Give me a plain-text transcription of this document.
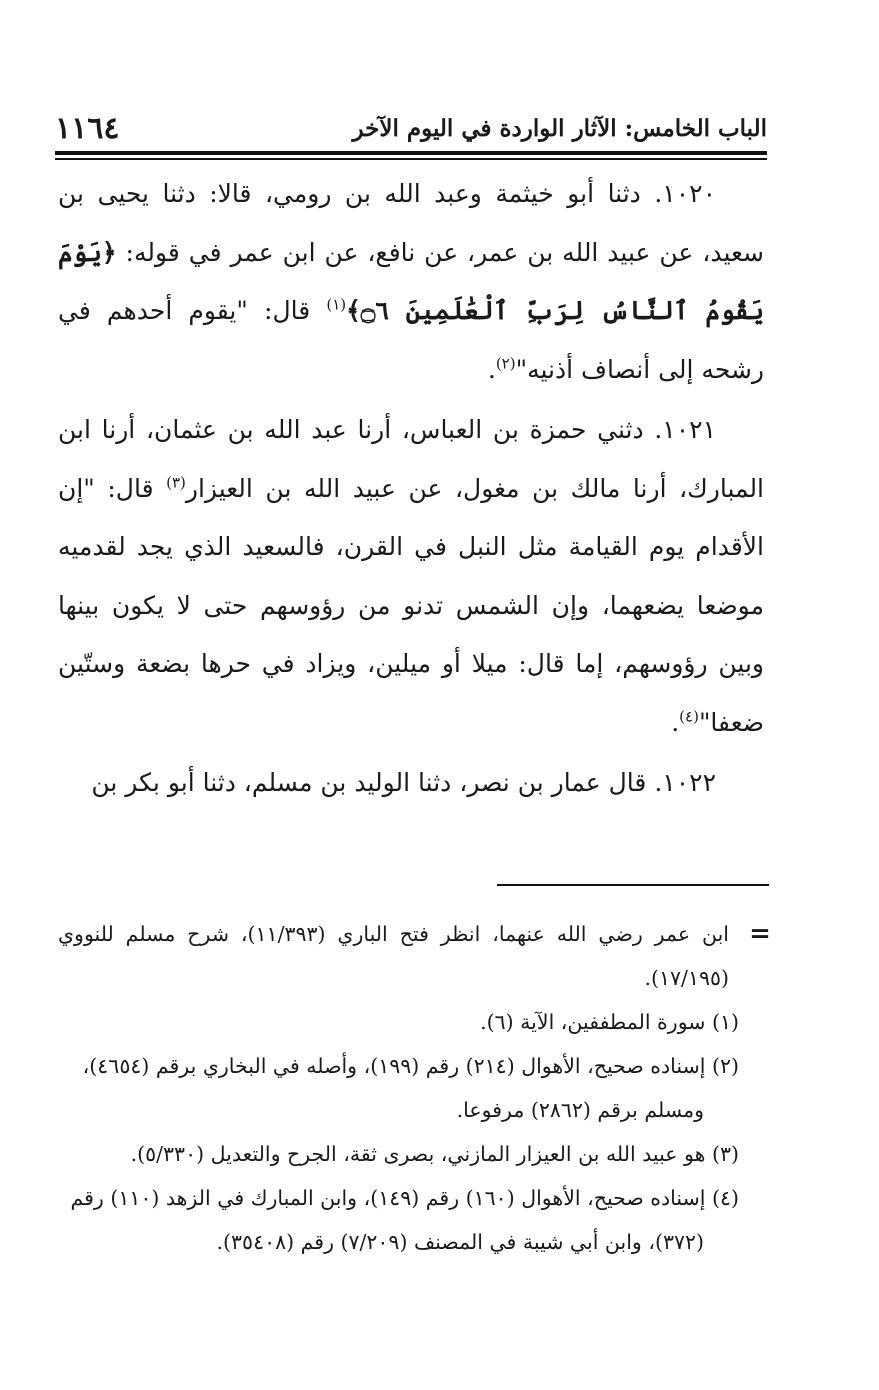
الباب الخامس: الآثار الواردة في اليوم الآخر
١١٦٤

١٠٢٠. دثنا أبو خيثمة وعبد الله بن رومي، قالا: دثنا يحيى بن سعيد، عن عبيد الله بن عمر، عن نافع، عن ابن عمر في قوله: ﴿يَوْمَ يَقُومُ ٱلنَّاسُ لِرَبِّ ٱلْعَٰلَمِينَ ۝٦﴾$^{(١)}$ قال: "يقوم أحدهم في رشحه إلى أنصاف أذنيه"$^{(٢)}$.

١٠٢١. دثني حمزة بن العباس، أرنا عبد الله بن عثمان، أرنا ابن المبارك، أرنا مالك بن مغول، عن عبيد الله بن العيزار$^{(٣)}$ قال: "إن الأقدام يوم القيامة مثل النبل في القرن، فالسعيد الذي يجد لقدميه موضعا يضعهما، وإن الشمس تدنو من رؤوسهم حتى لا يكون بينها وبين رؤوسهم، إما قال: ميلا أو ميلين، ويزاد في حرها بضعة وستّين ضعفا"$^{(٤)}$.

١٠٢٢. قال عمار بن نصر، دثنا الوليد بن مسلم، دثنا أبو بكر بن

=
ابن عمر رضي الله عنهما، انظر فتح الباري (١١/٣٩٣)، شرح مسلم للنووي (١٧/١٩٥).

(١) سورة المطففين، الآية (٦).

(٢) إسناده صحيح، الأهوال (٢١٤) رقم (١٩٩)، وأصله في البخاري برقم (٤٦٥٤)،
ومسلم برقم (٢٨٦٢) مرفوعا.

(٣) هو عبيد الله بن العيزار المازني، بصرى ثقة، الجرح والتعديل (٥/٣٣٠).

(٤) إسناده صحيح، الأهوال (١٦٠) رقم (١٤٩)، وابن المبارك في الزهد (١١٠) رقم
(٣٧٢)، وابن أبي شيبة في المصنف (٧/٢٠٩) رقم (٣٥٤٠٨).
